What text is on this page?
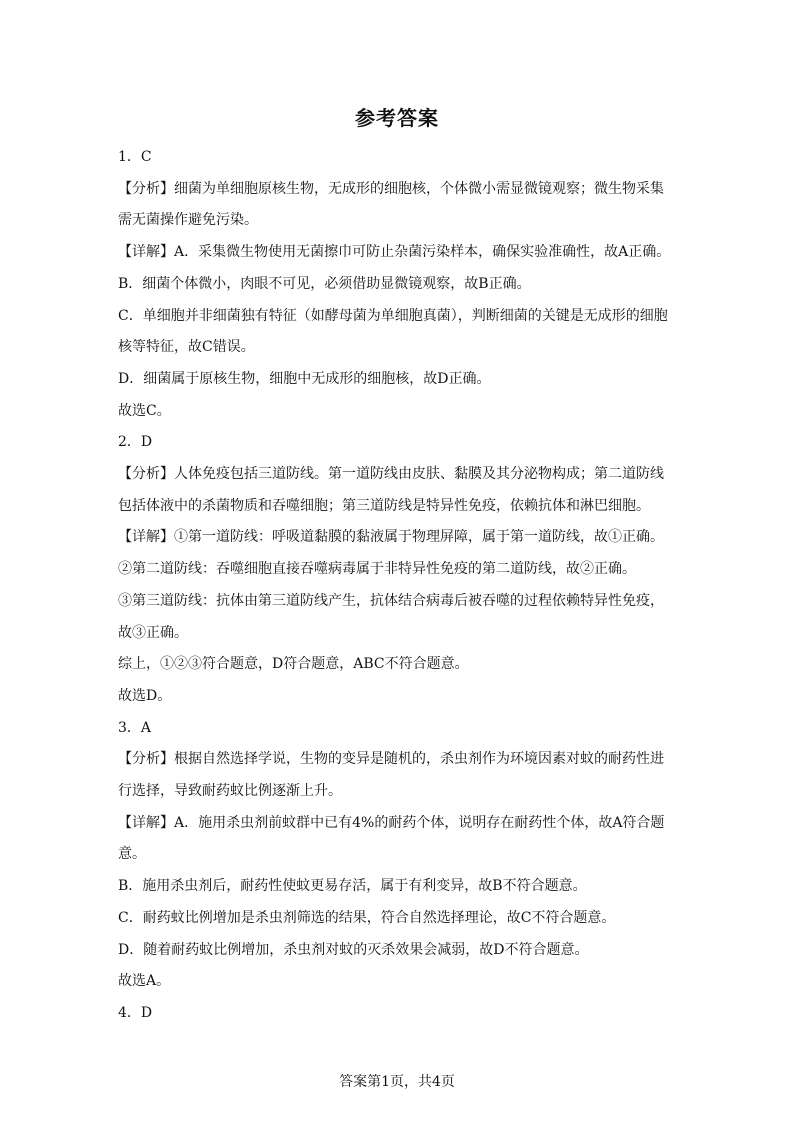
参考答案
1．C
【分析】细菌为单细胞原核生物，无成形的细胞核，个体微小需显微镜观察；微生物采集
需无菌操作避免污染。
【详解】A．采集微生物使用无菌擦巾可防止杂菌污染样本，确保实验准确性，故A正确。
B．细菌个体微小，肉眼不可见，必须借助显微镜观察，故B正确。
C．单细胞并非细菌独有特征（如酵母菌为单细胞真菌），判断细菌的关键是无成形的细胞
核等特征，故C错误。
D．细菌属于原核生物，细胞中无成形的细胞核，故D正确。
故选C。
2．D
【分析】人体免疫包括三道防线。第一道防线由皮肤、黏膜及其分泌物构成；第二道防线
包括体液中的杀菌物质和吞噬细胞；第三道防线是特异性免疫，依赖抗体和淋巴细胞。
【详解】①第一道防线：呼吸道黏膜的黏液属于物理屏障，属于第一道防线，故①正确。
②第二道防线：吞噬细胞直接吞噬病毒属于非特异性免疫的第二道防线，故②正确。
③第三道防线：抗体由第三道防线产生，抗体结合病毒后被吞噬的过程依赖特异性免疫，
故③正确。
综上，①②③符合题意，D符合题意，ABC不符合题意。
故选D。
3．A
【分析】根据自然选择学说，生物的变异是随机的，杀虫剂作为环境因素对蚊的耐药性进
行选择，导致耐药蚊比例逐渐上升。
【详解】A．施用杀虫剂前蚊群中已有4%的耐药个体，说明存在耐药性个体，故A符合题
意。
B．施用杀虫剂后，耐药性使蚊更易存活，属于有利变异，故B不符合题意。
C．耐药蚊比例增加是杀虫剂筛选的结果，符合自然选择理论，故C不符合题意。
D．随着耐药蚊比例增加，杀虫剂对蚊的灭杀效果会减弱，故D不符合题意。
故选A。
4．D
答案第1页，共4页
